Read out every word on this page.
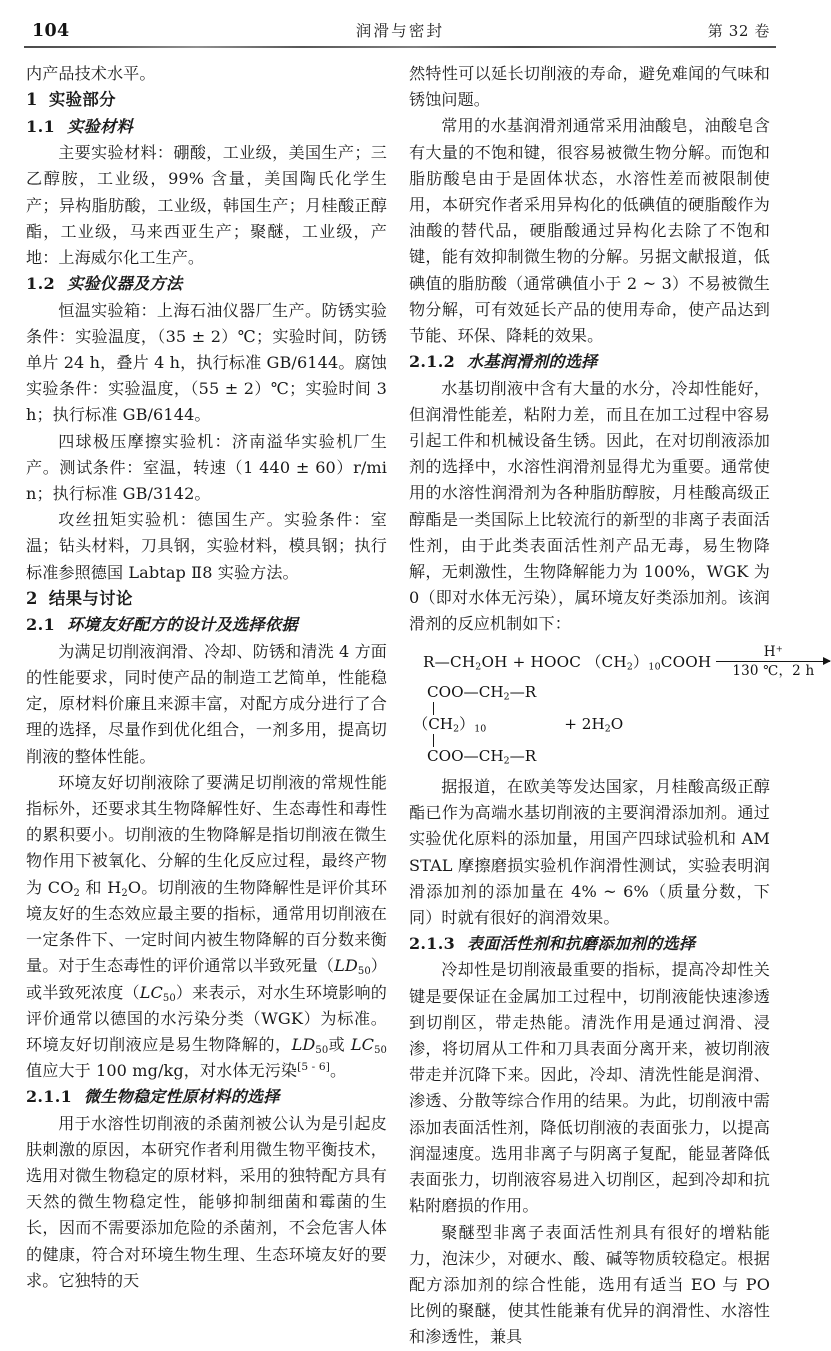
104	润滑与密封	第 32 卷

内产品技术水平。

1 实验部分
1.1 实验材料

主要实验材料：硼酸，工业级，美国生产；三乙醇胺，工业级，99% 含量，美国陶氏化学生产；异构脂肪酸，工业级，韩国生产；月桂酸正醇酯，工业级，马来西亚生产；聚醚，工业级，产地：上海威尔化工生产。

1.2 实验仪器及方法

恒温实验箱：上海石油仪器厂生产。防锈实验条件：实验温度，（35 ± 2）℃；实验时间，防锈单片 24 h，叠片 4 h，执行标准 GB/6144。腐蚀实验条件：实验温度，（55 ± 2）℃；实验时间 3 h；执行标准 GB/6144。

四球极压摩擦实验机：济南溢华实验机厂生产。测试条件：室温，转速（1 440 ± 60）r/min；执行标准 GB/3142。

攻丝扭矩实验机：德国生产。实验条件：室温；钻头材料，刀具钢，实验材料，模具钢；执行标准参照德国 Labtap Ⅱ8 实验方法。

2 结果与讨论
2.1 环境友好配方的设计及选择依据

为满足切削液润滑、冷却、防锈和清洗 4 方面的性能要求，同时使产品的制造工艺简单，性能稳定，原材料价廉且来源丰富，对配方成分进行了合理的选择，尽量作到优化组合，一剂多用，提高切削液的整体性能。

环境友好切削液除了要满足切削液的常规性能指标外，还要求其生物降解性好、生态毒性和毒性的累积要小。切削液的生物降解是指切削液在微生物作用下被氧化、分解的生化反应过程，最终产物为 $CO_2$ 和 $H_2O$。切削液的生物降解性是评价其环境友好的生态效应最主要的指标，通常用切削液在一定条件下、一定时间内被生物降解的百分数来衡量。对于生态毒性的评价通常以半致死量$(LD_{50})$或半致死浓度$(LC_{50})$来表示，对水生环境影响的评价通常以德国的水污染分类（WGK）为标准。环境友好切削液应是易生物降解的，$LD_{50}$或 $LC_{50}$值应大于 100 mg/kg，对水体无污染[5 - 6]。

2.1.1 微生物稳定性原材料的选择

用于水溶性切削液的杀菌剂被公认为是引起皮肤刺激的原因，本研究作者利用微生物平衡技术，选用对微生物稳定的原材料，采用的独特配方具有天然的微生物稳定性，能够抑制细菌和霉菌的生长，因而不需要添加危险的杀菌剂，不会危害人体的健康，符合对环境生物生理、生态环境友好的要求。它独特的天

然特性可以延长切削液的寿命，避免难闻的气味和锈蚀问题。

常用的水基润滑剂通常采用油酸皂，油酸皂含有大量的不饱和键，很容易被微生物分解。而饱和脂肪酸皂由于是固体状态，水溶性差而被限制使用，本研究作者采用异构化的低碘值的硬脂酸作为油酸的替代品，硬脂酸通过异构化去除了不饱和键，能有效抑制微生物的分解。另据文献报道，低碘值的脂肪酸（通常碘值小于 2 ~ 3）不易被微生物分解，可有效延长产品的使用寿命，使产品达到节能、环保、降耗的效果。

2.1.2 水基润滑剂的选择

水基切削液中含有大量的水分，冷却性能好，但润滑性能差，粘附力差，而且在加工过程中容易引起工件和机械设备生锈。因此，在对切削液添加剂的选择中，水溶性润滑剂显得尤为重要。通常使用的水溶性润滑剂为各种脂肪醇胺，月桂酸高级正醇酯是一类国际上比较流行的新型的非离子表面活性剂，由于此类表面活性剂产品无毒，易生物降解，无刺激性，生物降解能力为 100%，WGK 为 0（即对水体无污染），属环境友好类添加剂。该润滑剂的反应机制如下：

$R—CH_2OH$ + HOOC $(CH_2)_{10}COOH$
H+
130 ℃，2 h
$COO—CH_2—R$
$(CH_2)_{10}$	+ $2H_2O$
$COO—CH_2—R$

据报道，在欧美等发达国家，月桂酸高级正醇酯已作为高端水基切削液的主要润滑添加剂。通过实验优化原料的添加量，用国产四球试验机和 AMSTAL 摩擦磨损实验机作润滑性测试，实验表明润滑添加剂的添加量在 4% ~ 6%（质量分数，下同）时就有很好的润滑效果。

2.1.3 表面活性剂和抗磨添加剂的选择

冷却性是切削液最重要的指标，提高冷却性关键是要保证在金属加工过程中，切削液能快速渗透到切削区，带走热能。清洗作用是通过润滑、浸渗，将切屑从工件和刀具表面分离开来，被切削液带走并沉降下来。因此，冷却、清洗性能是润滑、渗透、分散等综合作用的结果。为此，切削液中需添加表面活性剂，降低切削液的表面张力，以提高润湿速度。选用非离子与阴离子复配，能显著降低表面张力，切削液容易进入切削区，起到冷却和抗粘附磨损的作用。

聚醚型非离子表面活性剂具有很好的增粘能力，泡沫少，对硬水、酸、碱等物质较稳定。根据配方添加剂的综合性能，选用有适当 EO 与 PO 比例的聚醚，使其性能兼有优异的润滑性、水溶性和渗透性，兼具
